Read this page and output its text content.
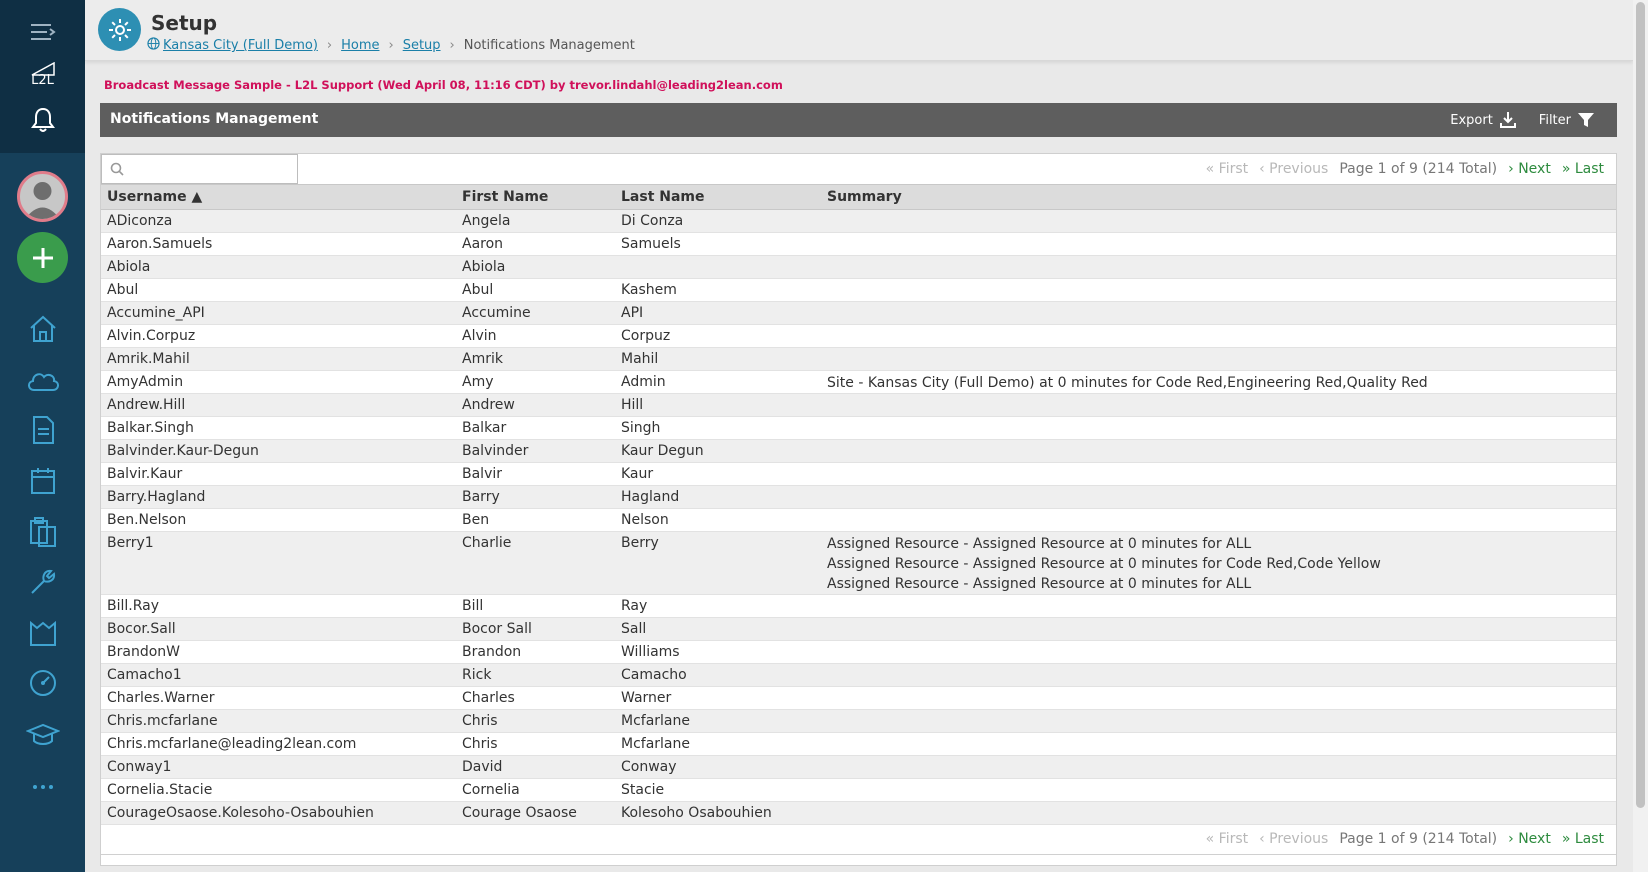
L2L
Setup
Kansas City (Full Demo) › Home › Setup › Notifications Management
Broadcast Message Sample - L2L Support (Wed April 08, 11:16 CDT) by trevor.lindahl@leading2lean.com
Notifications Management	Export	Filter
« First ‹ Previous Page 1 of 9 (214 Total) › Next » Last
Username ▲	First Name	Last Name	Summary
ADiconza	Angela	Di Conza	
Aaron.Samuels	Aaron	Samuels	
Abiola	Abiola		
Abul	Abul	Kashem	
Accumine_API	Accumine	API	
Alvin.Corpuz	Alvin	Corpuz	
Amrik.Mahil	Amrik	Mahil	
AmyAdmin	Amy	Admin	Site - Kansas City (Full Demo) at 0 minutes for Code Red,Engineering Red,Quality Red

Andrew.Hill	Andrew	Hill	
Balkar.Singh	Balkar	Singh	
Balvinder.Kaur-Degun	Balvinder	Kaur Degun	
Balvir.Kaur	Balvir	Kaur	
Barry.Hagland	Barry	Hagland	
Ben.Nelson	Ben	Nelson	
Berry1	Charlie	Berry	Assigned Resource - Assigned Resource at 0 minutes for ALL
Assigned Resource - Assigned Resource at 0 minutes for Code Red,Code Yellow
Assigned Resource - Assigned Resource at 0 minutes for ALL

Bill.Ray	Bill	Ray	
Bocor.Sall	Bocor Sall	Sall	
BrandonW	Brandon	Williams	
Camacho1	Rick	Camacho	
Charles.Warner	Charles	Warner	
Chris.mcfarlane	Chris	Mcfarlane	
Chris.mcfarlane@leading2lean.com	Chris	Mcfarlane	
Conway1	David	Conway	
Cornelia.Stacie	Cornelia	Stacie	
CourageOsaose.Kolesoho-Osabouhien	Courage Osaose	Kolesoho Osabouhien	
« First ‹ Previous Page 1 of 9 (214 Total) › Next » Last
